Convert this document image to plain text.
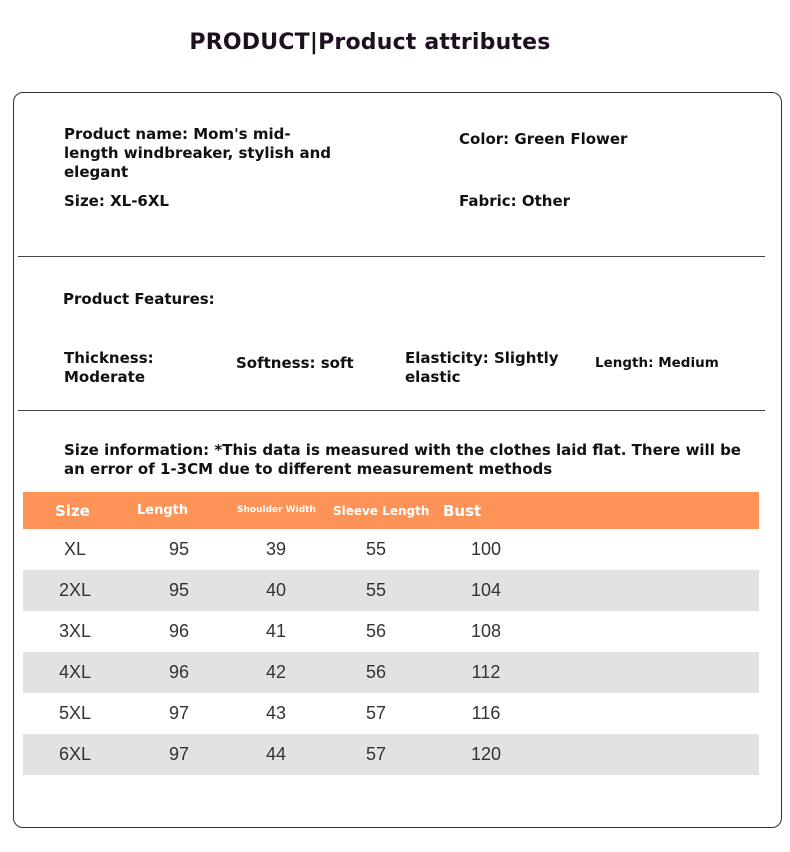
PRODUCT|Product attributes
Product name: Mom's mid-length windbreaker, stylish and elegant
Color: Green Flower
Size: XL-6XL	Fabric: Other
Product Features:
Thickness: Moderate
Softness: soft	Elasticity: Slightly elastic
Length: Medium
Size information: *This data is measured with the clothes laid flat. There will be an error of 1-3CM due to different measurement methods
Size	Length	Shoulder Width	Sleeve Length	Bust	
XL	95	39	55	100	
2XL	95	40	55	104	
3XL	96	41	56	108	
4XL	96	42	56	112	
5XL	97	43	57	116	
6XL	97	44	57	120	
